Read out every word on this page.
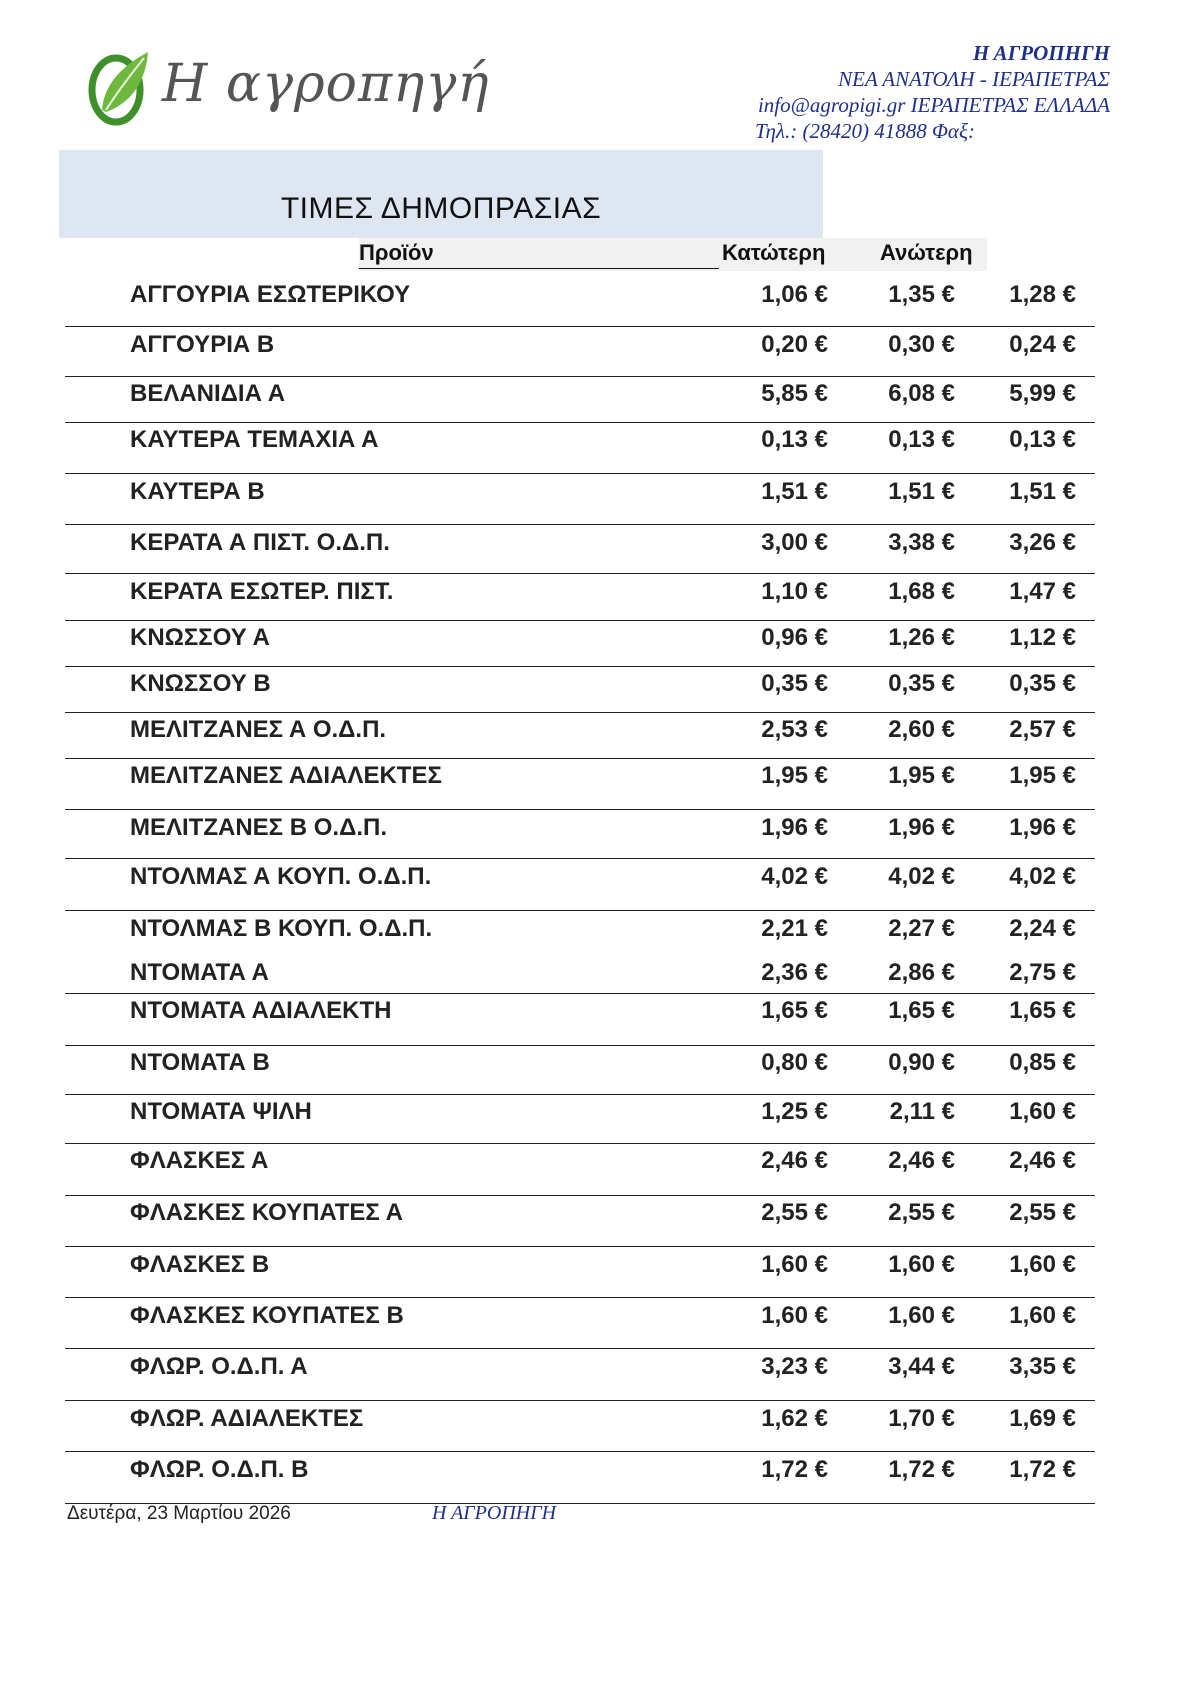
Η αγροπηγή
Η ΑΓΡΟΠΗΓΗ
ΝΕΑ ΑΝΑΤΟΛΗ - ΙΕΡΑΠΕΤΡΑΣ
info@agropigi.gr ΙΕΡΑΠΕΤΡΑΣ ΕΛΛΑΔΑ
Τηλ.: (28420) 41888 Φαξ:
ΤΙΜΕΣ ΔΗΜΟΠΡΑΣΙΑΣ
Προϊόν	Κατώτερη Ανώτερη
ΑΓΓΟΥΡΙΑ ΕΣΩΤΕΡΙΚΟΥ	1,06 €	1,35 € 1,28 €
ΑΓΓΟΥΡΙΑ Β	0,20 €	0,30 € 0,24 €
ΒΕΛΑΝΙΔΙΑ Α	5,85 €	6,08 € 5,99 €
ΚΑΥΤΕΡΑ ΤΕΜΑΧΙΑ Α	0,13 €	0,13 € 0,13 €
ΚΑΥΤΕΡΑ Β	1,51 €	1,51 € 1,51 €
ΚΕΡΑΤΑ Α ΠΙΣΤ. Ο.Δ.Π.	3,00 €	3,38 € 3,26 €
ΚΕΡΑΤΑ ΕΣΩΤΕΡ. ΠΙΣΤ.	1,10 €	1,68 € 1,47 €
ΚΝΩΣΣΟΥ Α	0,96 €	1,26 € 1,12 €
ΚΝΩΣΣΟΥ Β	0,35 €	0,35 € 0,35 €
ΜΕΛΙΤΖΑΝΕΣ Α Ο.Δ.Π.	2,53 €	2,60 € 2,57 €
ΜΕΛΙΤΖΑΝΕΣ ΑΔΙΑΛΕΚΤΕΣ	1,95 €	1,95 € 1,95 €
ΜΕΛΙΤΖΑΝΕΣ Β Ο.Δ.Π.	1,96 €	1,96 € 1,96 €
ΝΤΟΛΜΑΣ Α ΚΟΥΠ. Ο.Δ.Π.	4,02 €	4,02 € 4,02 €
ΝΤΟΛΜΑΣ Β ΚΟΥΠ. Ο.Δ.Π.	2,21 €	2,27 € 2,24 €
ΝΤΟΜΑΤΑ Α	2,36 €	2,86 € 2,75 €
ΝΤΟΜΑΤΑ ΑΔΙΑΛΕΚΤΗ	1,65 €	1,65 € 1,65 €
ΝΤΟΜΑΤΑ Β	0,80 €	0,90 € 0,85 €
ΝΤΟΜΑΤΑ ΨΙΛΗ	1,25 €	2,11 € 1,60 €
ΦΛΑΣΚΕΣ Α	2,46 €	2,46 € 2,46 €
ΦΛΑΣΚΕΣ ΚΟΥΠΑΤΕΣ Α	2,55 €	2,55 € 2,55 €
ΦΛΑΣΚΕΣ Β	1,60 €	1,60 € 1,60 €
ΦΛΑΣΚΕΣ ΚΟΥΠΑΤΕΣ Β	1,60 €	1,60 € 1,60 €
ΦΛΩΡ. Ο.Δ.Π. Α	3,23 €	3,44 € 3,35 €
ΦΛΩΡ. ΑΔΙΑΛΕΚΤΕΣ	1,62 €	1,70 € 1,69 €
ΦΛΩΡ. Ο.Δ.Π. Β	1,72 €	1,72 € 1,72 €
Δευτέρα, 23 Μαρτίου 2026	Η ΑΓΡΟΠΗΓΗ
